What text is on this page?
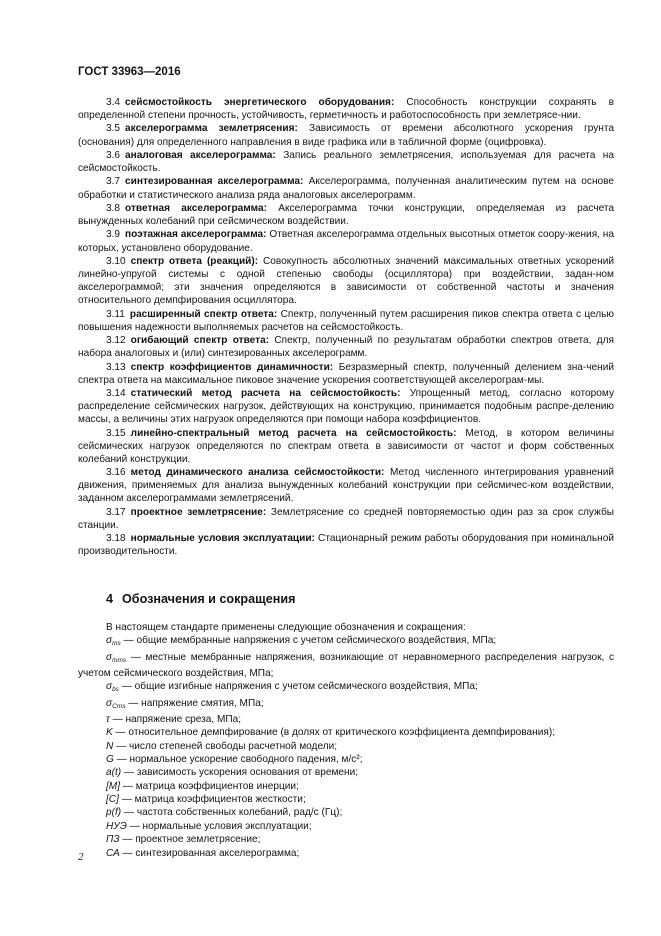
ГОСТ 33963—2016

3.4 сейсмостойкость энергетического оборудования: Способность конструкции сохранять в определенной степени прочность, устойчивость, герметичность и работоспособность при землетрясе-нии.

3.5 акселерограмма землетрясения: Зависимость от времени абсолютного ускорения грунта (основания) для определенного направления в виде графика или в табличной форме (оцифровка).

3.6 аналоговая акселерограмма: Запись реального землетрясения, используемая для расчета на сейсмостойкость.

3.7 синтезированная акселерограмма: Акселерограмма, полученная аналитическим путем на основе обработки и статистического анализа ряда аналоговых акселерограмм.

3.8 ответная акселерограмма: Акселерограмма точки конструкции, определяемая из расчета вынужденных колебаний при сейсмическом воздействии.

3.9 поэтажная акселерограмма: Ответная акселерограмма отдельных высотных отметок соору-жения, на которых, установлено оборудование.

3.10 спектр ответа (реакций): Совокупность абсолютных значений максимальных ответных ускорений линейно-упругой системы с одной степенью свободы (осциллятора) при воздействии, задан-ном акселерограммой; эти значения определяются в зависимости от собственной частоты и значения относительного демпфирования осциллятора.

3.11 расширенный спектр ответа: Спектр, полученный путем расширения пиков спектра ответа с целью повышения надежности выполняемых расчетов на сейсмостойкость.

3.12 огибающий спектр ответа: Спектр, полученный по результатам обработки спектров ответа, для набора аналоговых и (или) синтезированных акселерограмм.

3.13 спектр коэффициентов динамичности: Безразмерный спектр, полученный делением зна-чений спектра ответа на максимальное пиковое значение ускорения соответствующей акселерограм-мы.

3.14 статический метод расчета на сейсмостойкость: Упрощенный метод, согласно которому распределение сейсмических нагрузок, действующих на конструкцию, принимается подобным распре-делению массы, а величины этих нагрузок определяются при помощи набора коэффициентов.

3.15 линейно-спектральный метод расчета на сейсмостойкость: Метод, в котором величины сейсмических нагрузок определяются по спектрам ответа в зависимости от частот и форм собственных колебаний конструкции.

3.16 метод динамического анализа сейсмостойкости: Метод численного интегрирования уравнений движения, применяемых для анализа вынужденных колебаний конструкции при сейсмичес-ком воздействии, заданном акселерограммами землетрясений.

3.17 проектное землетрясение: Землетрясение со средней повторяемостью один раз за срок службы станции.

3.18 нормальные условия эксплуатации: Стационарный режим работы оборудования при номинальной производительности.

4 Обозначения и сокращения

В настоящем стандарте применены следующие обозначения и сокращения:

$\sigma_{ms}$ — общие мембранные напряжения с учетом сейсмического воздействия, МПа;

$\sigma_{mms}$ — местные мембранные напряжения, возникающие от неравномерного распределения нагрузок, с учетом сейсмического воздействия, МПа;

$\sigma_{bs}$ — общие изгибные напряжения с учетом сейсмического воздействия, МПа;

$\sigma_{Cms}$ — напряжение смятия, МПа;

τ — напряжение среза, МПа;

K — относительное демпфирование (в долях от критического коэффициента демпфирования);

N — число степеней свободы расчетной модели;

G — нормальное ускорение свободного падения, м/с²;

a(t) — зависимость ускорения основания от времени;

[M] — матрица коэффициентов инерции;

[C] — матрица коэффициентов жесткости;

p(f) — частота собственных колебаний, рад/с (Гц);

НУЭ — нормальные условия эксплуатации;

ПЗ — проектное землетрясение;

СА — синтезированная акселерограмма;

2
